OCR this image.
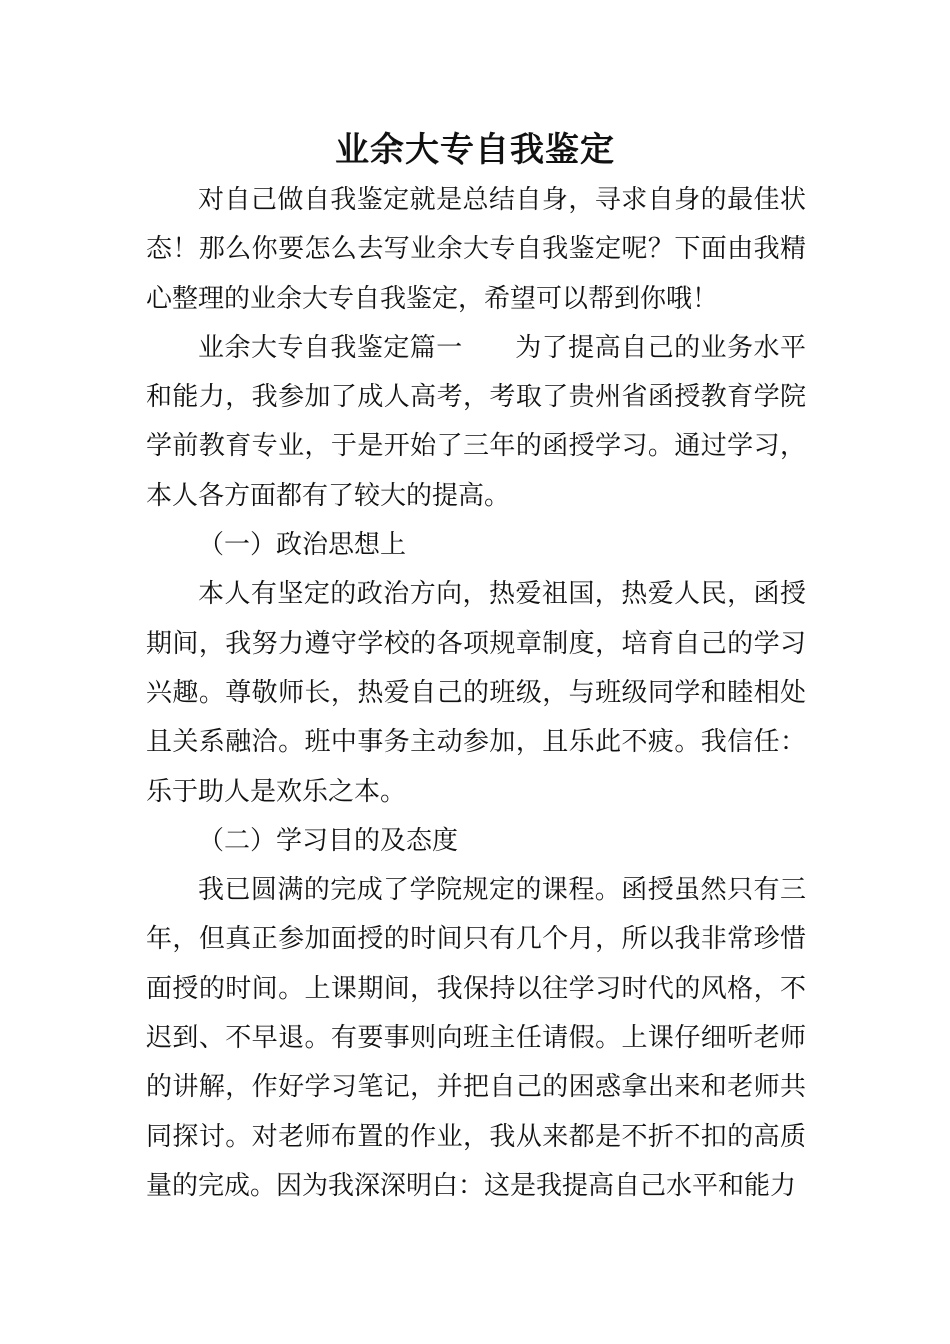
业余大专自我鉴定

对自己做自我鉴定就是总结自身，寻求自身的最佳状态！那么你要怎么去写业余大专自我鉴定呢？下面由我精心整理的业余大专自我鉴定，希望可以帮到你哦！

业余大专自我鉴定篇一 为了提高自己的业务水平和能力，我参加了成人高考，考取了贵州省函授教育学院学前教育专业，于是开始了三年的函授学习。通过学习，本人各方面都有了较大的提高。

（一）政治思想上

本人有坚定的政治方向，热爱祖国，热爱人民，函授期间，我努力遵守学校的各项规章制度，培育自己的学习兴趣。尊敬师长，热爱自己的班级，与班级同学和睦相处且关系融洽。班中事务主动参加，且乐此不疲。我信任：乐于助人是欢乐之本。

（二）学习目的及态度

我已圆满的完成了学院规定的课程。函授虽然只有三年，但真正参加面授的时间只有几个月，所以我非常珍惜面授的时间。上课期间，我保持以往学习时代的风格，不迟到、不早退。有要事则向班主任请假。上课仔细听老师的讲解，作好学习笔记，并把自己的困惑拿出来和老师共同探讨。对老师布置的作业，我从来都是不折不扣的高质量的完成。因为我深深明白：这是我提高自己水平和能力
